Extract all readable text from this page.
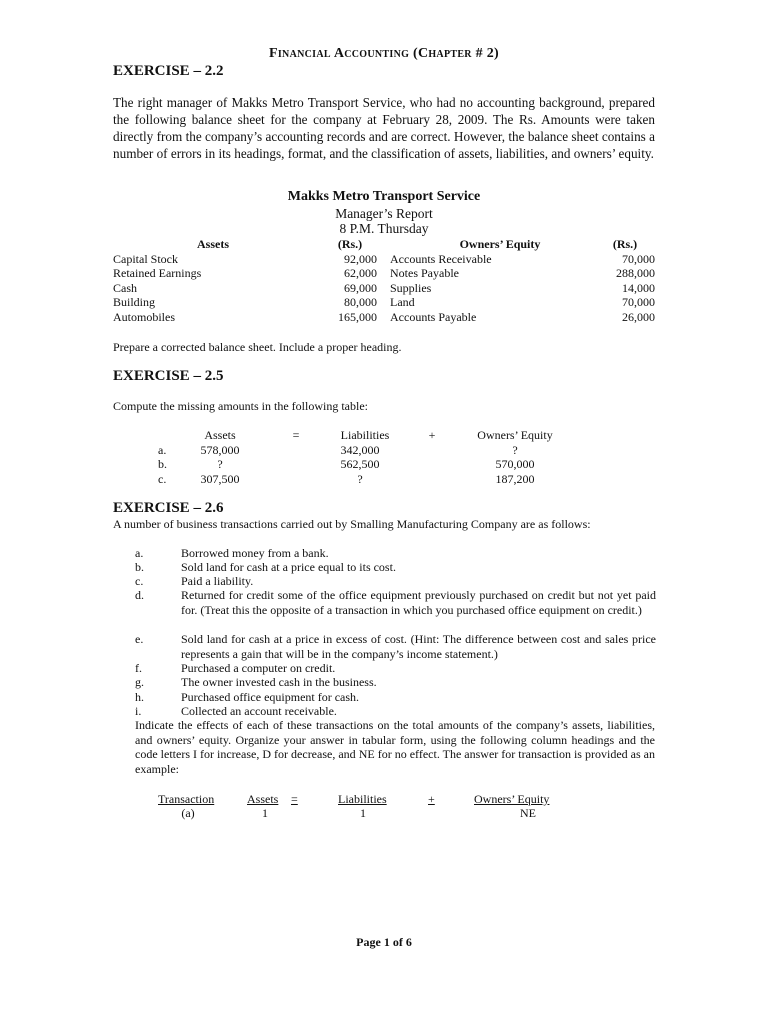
Financial Accounting (Chapter # 2)
EXERCISE – 2.2
The right manager of Makks Metro Transport Service, who had no accounting background, prepared the following balance sheet for the company at February 28, 2009. The Rs. Amounts were taken directly from the company’s accounting records and are correct. However, the balance sheet contains a number of errors in its headings, format, and the classification of assets, liabilities, and owners’ equity.
Makks Metro Transport Service
Manager’s Report
8 P.M. Thursday
Assets	(Rs.)	Owners’ Equity	(Rs.)
Capital Stock	92,000 Accounts Receivable	70,000
Retained Earnings	62,000 Notes Payable	288,000
Cash	69,000 Supplies	14,000
Building	80,000 Land	70,000
Automobiles	165,000 Accounts Payable	26,000
Prepare a corrected balance sheet. Include a proper heading.
EXERCISE – 2.5
Compute the missing amounts in the following table:
Assets	=	Liabilities	+	Owners’ Equity
a.	578,000	342,000	?
b.	?	562,500	570,000
c.	307,500	?	187,200
EXERCISE – 2.6
A number of business transactions carried out by Smalling Manufacturing Company are as follows:
a.	Borrowed money from a bank.
b.	Sold land for cash at a price equal to its cost.
c.	Paid a liability.
d.	Returned for credit some of the office equipment previously purchased on credit but not yet paid for. (Treat this the opposite of a transaction in which you purchased office equipment on credit.)
e.	Sold land for cash at a price in excess of cost. (Hint: The difference between cost and sales price represents a gain that will be in the company’s income statement.)
f.	Purchased a computer on credit.
g.	The owner invested cash in the business.
h.	Purchased office equipment for cash.
i.	Collected an account receivable.
Indicate the effects of each of these transactions on the total amounts of the company’s assets, liabilities, and owners’ equity. Organize your answer in tabular form, using the following column headings and the code letters I for increase, D for decrease, and NE for no effect. The answer for transaction is provided as an example:
Transaction	Assets =	Liabilities	+	Owners’ Equity
(a)	1	1	NE
Page 1 of 6
